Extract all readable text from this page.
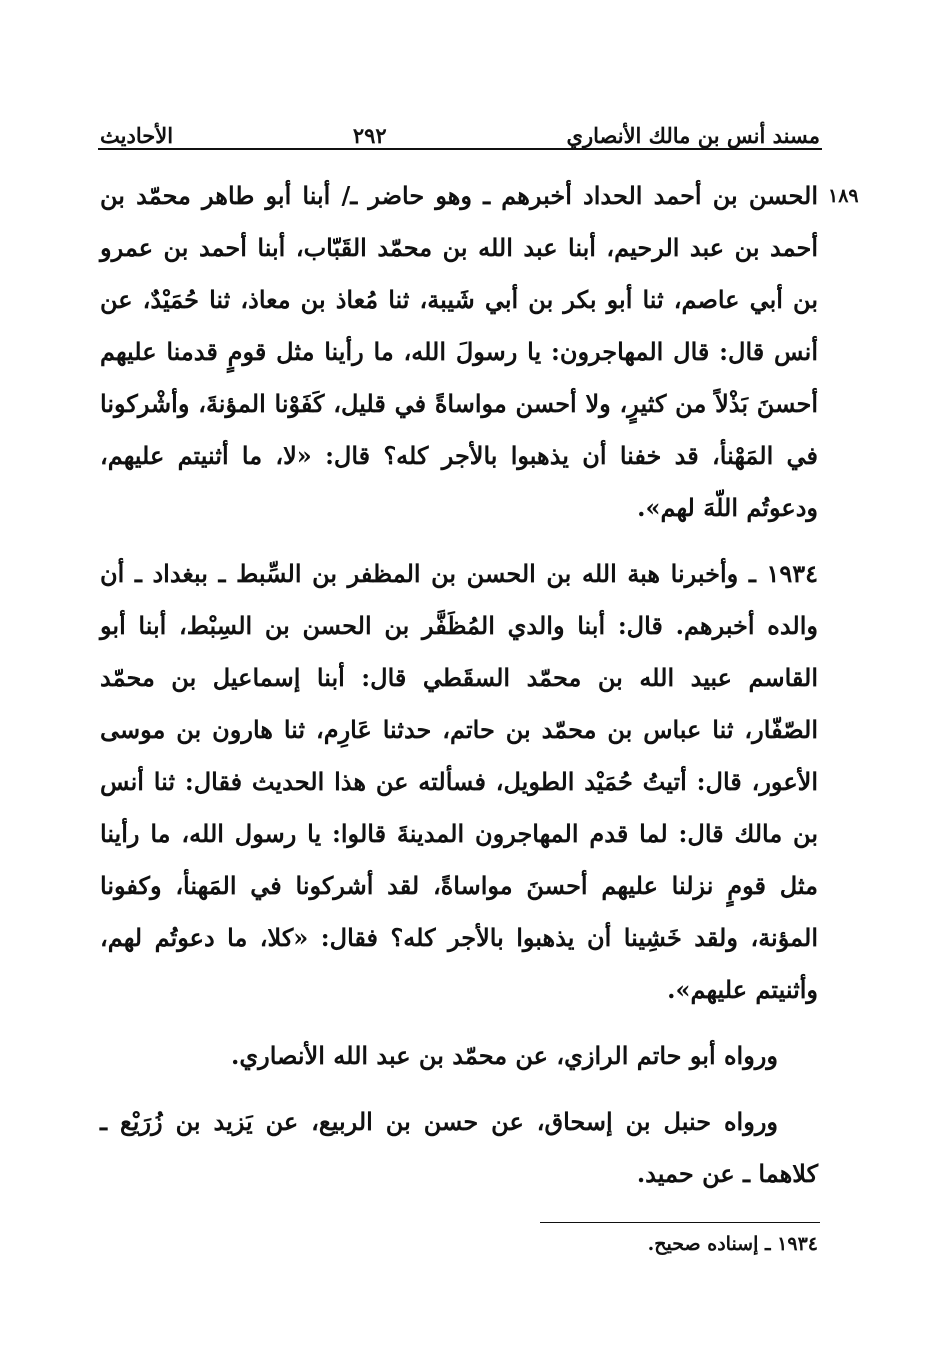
مسند أنس بن مالك الأنصاري
٢٩٢
الأحاديث
١٨٩

الحسن بن أحمد الحداد أخبرهم ـ وهو حاضر ـ/ أبنا أبو طاهر محمّد بن أحمد بن عبد الرحيم، أبنا عبد الله بن محمّد القَبّاب، أبنا أحمد بن عمرو بن أبي عاصم، ثنا أبو بكر بن أبي شَيبة، ثنا مُعاذ بن معاذ، ثنا حُمَيْدٌ، عن أنس قال: قال المهاجرون: يا رسولَ الله، ما رأينا مثل قومٍ قدمنا عليهم أحسنَ بَذْلاً من كثيرٍ، ولا أحسن مواساةً في قليل، كَفَوْنا المؤنةَ، وأشْركونا في المَهْنأ، قد خفنا أن يذهبوا بالأجر كله؟ قال: «لا، ما أثنيتم عليهم، ودعوتُم اللّهَ لهم».

١٩٣٤ ـ وأخبرنا هبة الله بن الحسن بن المظفر بن السِّبط ـ ببغداد ـ أن والده أخبرهم. قال: أبنا والدي المُظَفَّر بن الحسن بن السِبْط، أبنا أبو القاسم عبيد الله بن محمّد السقَطي قال: أبنا إسماعيل بن محمّد الصّفّار، ثنا عباس بن محمّد بن حاتم، حدثنا عَارِم، ثنا هارون بن موسى الأعور، قال: أتيتُ حُمَيْد الطويل، فسألته عن هذا الحديث فقال: ثنا أنس بن مالك قال: لما قدم المهاجرون المدينةَ قالوا: يا رسول الله، ما رأينا مثل قومٍ نزلنا عليهم أحسنَ مواساةً، لقد أشركونا في المَهنأ، وكفونا المؤنة، ولقد خَشِينا أن يذهبوا بالأجر كله؟ فقال: «كلا، ما دعوتُم لهم، وأثنيتم عليهم».

ورواه أبو حاتم الرازي، عن محمّد بن عبد الله الأنصاري.

ورواه حنبل بن إسحاق، عن حسن بن الربيع، عن يَزيد بن زُرَيْع ـ كلاهما ـ عن حميد.

١٩٣٤ ـ إسناده صحيح.
